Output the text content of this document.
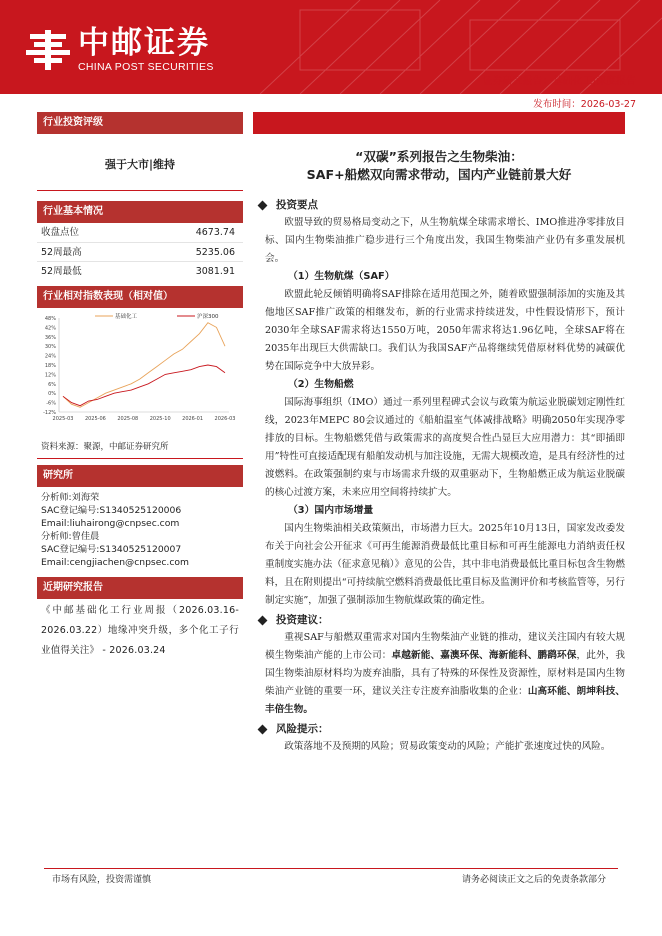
中邮证券
CHINA POST SECURITIES
证券研究报告：基础化工|深度报告
发布时间：2026-03-27
行业投资评级
强于大市|维持
行业基本情况
收盘点位	4673.74
52周最高	5235.06
52周最低	3081.91
行业相对指数表现（相对值）
48%
42%
36%
30%
24%
18%
12%
6%
0%
-6%
-12%
2025-03 2025-06 2025-08 2025-10 2026-01 2026-03
基础化工	沪深300
资料来源：聚源，中邮证券研究所
研究所
分析师:刘海荣
SAC登记编号:S1340525120006
Email:liuhairong@cnpsec.com
分析师:曾佳晨
SAC登记编号:S1340525120007
Email:cengjiachen@cnpsec.com
近期研究报告
《中邮基础化工行业周报（2026.03.16-2026.03.22）地缘冲突升级，多个化工子行业值得关注》 - 2026.03.24
“双碳”系列报告之生物柴油：
SAF+船燃双向需求带动，国内产业链前景大好
投资要点
欧盟导致的贸易格局变动之下，从生物航煤全球需求增长、IMO推进净零排放目标、国内生物柴油推广稳步进行三个角度出发，我国生物柴油产业仍有多重发展机会。
（1）生物航煤（SAF）
欧盟此轮反倾销明确将SAF排除在适用范围之外，随着欧盟强制添加的实施及其他地区SAF推广政策的相继发布，新的行业需求持续迸发，中性假设情形下，预计2030年全球SAF需求将达1550万吨，2050年需求将达1.96亿吨，全球SAF将在2035年出现巨大供需缺口。我们认为我国SAF产品将继续凭借原材料优势的减碳优势在国际竞争中大放异彩。
（2）生物船燃
国际海事组织（IMO）通过一系列里程碑式会议与政策为航运业脱碳划定刚性红线，2023年MEPC 80会议通过的《船舶温室气体减排战略》明确2050年实现净零排放的目标。生物船燃凭借与政策需求的高度契合性凸显巨大应用潜力：其“即插即用”特性可直接适配现有船舶发动机与加注设施，无需大规模改造，是具有经济性的过渡燃料。在政策强制约束与市场需求升级的双重驱动下，生物船燃正成为航运业脱碳的核心过渡方案，未来应用空间将持续扩大。
（3）国内市场增量
国内生物柴油相关政策频出，市场潜力巨大。2025年10月13日，国家发改委发布关于向社会公开征求《可再生能源消费最低比重目标和可再生能源电力消纳责任权重制度实施办法（征求意见稿）》意见的公告，其中非电消费最低比重目标包含生物燃料，且在附则提出“可持续航空燃料消费最低比重目标及监测评价和考核监管等，另行制定实施”，加强了强制添加生物航煤政策的确定性。
投资建议：
重视SAF与船燃双重需求对国内生物柴油产业链的推动，建议关注国内有较大规模生物柴油产能的上市公司：卓越新能、嘉澳环保、海新能科、鹏鹞环保，此外，我国生物柴油原材料均为废弃油脂，具有了特殊的环保性及资源性，原材料是国内生物柴油产业链的重要一环，建议关注专注废弃油脂收集的企业：山高环能、朗坤科技、丰倍生物。
风险提示：
政策落地不及预期的风险；贸易政策变动的风险；产能扩张速度过快的风险。
市场有风险，投资需谨慎	请务必阅读正文之后的免责条款部分
